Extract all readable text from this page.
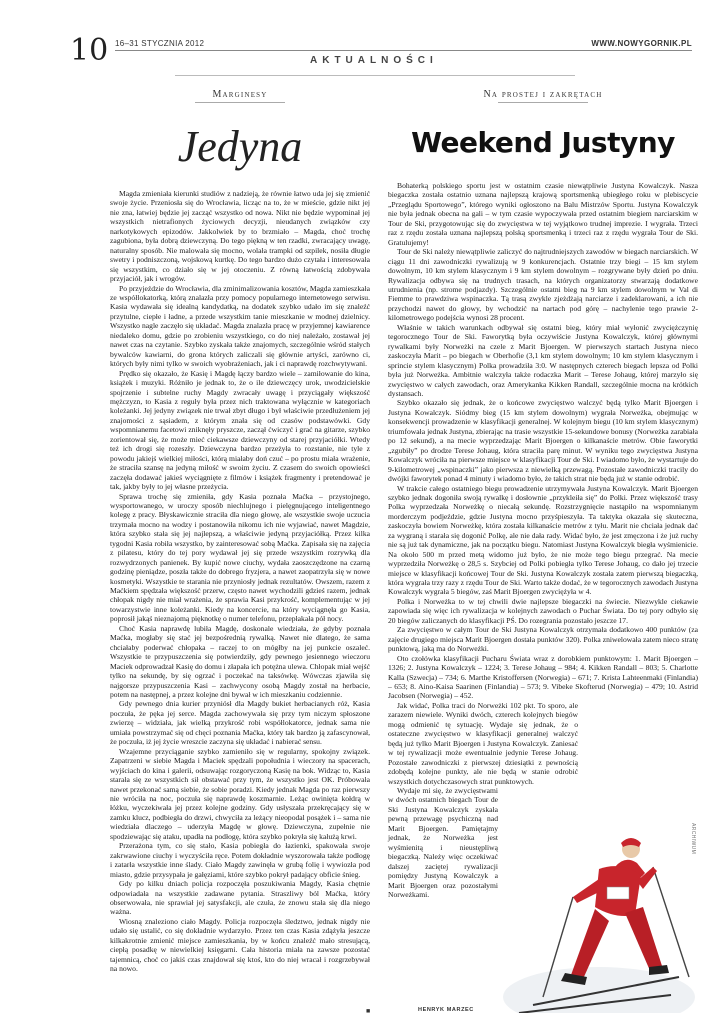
10 16–31 STYCZNIA 2012	WWW.NOWYGORNIK.PL
AKTUALNOŚCI
Marginesy
Jedyna

Magda zmieniała kierunki studiów z nadzieją, że równie łatwo uda jej się zmienić swoje życie. Przeniosła się do Wrocławia, licząc na to, że w mieście, gdzie nikt jej nie zna, łatwiej będzie jej zacząć wszystko od nowa. Nikt nie będzie wypominał jej wszystkich nietrafionych życiowych decyzji, nieudanych związków czy narkotykowych epizodów. Jakkolwiek by to brzmiało – Magda, choć trochę zagubiona, była dobrą dziewczyną. Do tego piękną w ten rzadki, zwracający uwagę, naturalny sposób. Nie malowała się mocno, wolała trampki od szpilek, nosiła długie swetry i podniszczoną, wojskową kurtkę. Do tego bardzo dużo czytała i interesowała się wszystkim, co działo się w jej otoczeniu. Z równą łatwością zdobywała przyjaciół, jak i wrogów.

Po przyjeździe do Wrocławia, dla zminimalizowania kosztów, Magda zamieszkała ze współlokatorką, którą znalazła przy pomocy popularnego internetowego serwisu. Kasia wydawała się idealną kandydatką, na dodatek szybko udało im się znaleźć przytulne, ciepłe i ładne, a przede wszystkim tanie mieszkanie w modnej dzielnicy. Wszystko nagle zaczęło się układać. Magda znalazła pracę w przyjemnej kawiarence niedaleko domu, gdzie po zrobieniu wszystkiego, co do niej należało, zostawał jej nawet czas na czytanie. Szybko zyskała także znajomych, szczególnie wśród stałych bywalców kawiarni, do grona których zaliczali się głównie artyści, zarówno ci, których były nimi tylko w swoich wyobrażeniach, jak i ci naprawdę rozchwytywani.

Prędko się okazało, że Kasię i Magdę łączy bardzo wiele – zamiłowanie do kina, książek i muzyki. Różniło je jednak to, że o ile dziewczęcy urok, uwodzicielskie spojrzenie i subtelne ruchy Magdy zwracały uwagę i przyciągały większość mężczyzn, to Kasia z reguły była przez nich traktowana wyłącznie w kategoriach koleżanki. Jej jedyny związek nie trwał zbyt długo i był właściwie przedłużeniem jej znajomości z sąsiadem, z którym znała się od czasów podstawówki. Gdy wspomnianemu facetowi zniknęły pryszcze, zaczął ćwiczyć i grać na gitarze, szybko zorientował się, że może mieć ciekawsze dziewczyny od starej przyjaciółki. Wtedy też ich drogi się rozeszły. Dziewczyna bardzo przeżyła to rozstanie, nie tyle z powodu jakiejś wielkiej miłości, którą miałaby doń czuć – po prostu miała wrażenie, że straciła szansę na jedyną miłość w swoim życiu. Z czasem do swoich opowieści zaczęła dodawać jakieś wyciągnięte z filmów i książek fragmenty i pretendować je tak, jakby były to jej własne przeżycia.

Sprawa trochę się zmieniła, gdy Kasia poznała Maćka – przystojnego, wysportowanego, w uroczy sposób niechlujnego i pielęgnującego inteligentnego kolegę z pracy. Błyskawicznie straciła dla niego głowę, ale wszystkie swoje uczucia trzymała mocno na wodzy i postanowiła nikomu ich nie wyjawiać, nawet Magdzie, która szybko stała się jej najlepszą, a właściwie jedyną przyjaciółką. Przez kilka tygodni Kasia robiła wszystko, by zainteresować sobą Maćka. Zapisała się na zajęcia z pilatesu, który do tej pory wydawał jej się przede wszystkim rozrywką dla rozwydrzonych panienek. By kupić nowe ciuchy, wydała zaoszczędzone na czarną godzinę pieniądze, poszła także do dobrego fryzjera, a nawet zaopatrzyła się w nowe kosmetyki. Wszystkie te starania nie przyniosły jednak rezultatów. Owszem, razem z Maćkiem spędzała większość przerw, często nawet wychodzili gdzieś razem, jednak chłopak nigdy nie miał wrażenia, że sprawia Kasi przykrość, komplementując w jej towarzystwie inne koleżanki. Kiedy na koncercie, na który wyciągnęła go Kasia, poprosił jakąś nieznajomą pięknotkę o numer telefonu, przepłakała pół nocy.

Choć Kasia naprawdę lubiła Magdę, doskonale wiedziała, że gdyby poznała Maćka, mogłaby się stać jej bezpośrednią rywalką. Nawet nie dlatego, że sama chciałaby poderwać chłopaka – raczej to on mógłby na jej punkcie oszaleć. Wszystkie te przypuszczenia się potwierdziły, gdy pewnego jesiennego wieczoru Maciek odprowadzał Kasię do domu i złapała ich potężna ulewa. Chłopak miał wejść tylko na sekundę, by się ogrzać i poczekać na taksówkę. Wówczas zjawiła się najgorsze przypuszczenia Kasi – zachwycony osobą Magdy został na herbacie, potem na następnej, a przez kolejne dni bywał w ich mieszkaniu codziennie.

Gdy pewnego dnia kurier przyniósł dla Magdy bukiet herbacianych róż, Kasia poczuła, że pęka jej serce. Magda zachowywała się przy tym niczym spłoszone zwierzę – widziała, jak wielką przykrość robi współlokatorce, jednak sama nie umiała powstrzymać się od chęci poznania Maćka, który tak bardzo ją zafascynował, że poczuła, iż jej życie wreszcie zaczyna się układać i nabierać sensu.

Wzajemne przyciąganie szybko zamieniło się w regularny, spokojny związek. Zapatrzeni w siebie Magda i Maciek spędzali popołudnia i wieczory na spacerach, wyjściach do kina i galerii, odsuwając rozgoryczoną Kasię na bok. Widząc to, Kasia starała się ze wszystkich sił obstawać przy tym, że wszystko jest OK. Próbowała nawet przekonać samą siebie, że sobie poradzi. Kiedy jednak Magda po raz pierwszy nie wróciła na noc, poczuła się naprawdę koszmarnie. Leżąc owinięta kołdrą w łóżku, wyczekiwała jej przez kolejne godziny. Gdy usłyszała przekręcający się w zamku klucz, podbiegła do drzwi, chwyciła za leżący nieopodal posążek i – sama nie wiedziała dlaczego – uderzyła Magdę w głowę. Dziewczyna, zupełnie nie spodziewając się ataku, upadła na podłogę, która szybko pokryła się kałużą krwi.

Przerażona tym, co się stało, Kasia pobiegła do łazienki, spakowała swoje zakrwawione ciuchy i wyczyściła ręce. Potem dokładnie wyszorowała także podłogę i zatarła wszystkie inne ślady. Ciało Magdy zawinęła w grubą folię i wywiozła pod miasto, gdzie przysypała je gałęziami, które szybko pokrył padający obficie śnieg.

Gdy po kilku dniach policja rozpoczęła poszukiwania Magdy, Kasia chętnie odpowiadała na wszystkie zadawane pytania. Straszliwy ból Maćka, który obserwowała, nie sprawiał jej satysfakcji, ale czuła, że znowu stała się dla niego ważna.

Wiosną znaleziono ciało Magdy. Policja rozpoczęła śledztwo, jednak nigdy nie udało się ustalić, co się dokładnie wydarzyło. Przez ten czas Kasia zdążyła jeszcze kilkakrotnie zmienić miejsce zamieszkania, by w końcu znaleźć mało stresującą, ciepłą posadkę w niewielkiej księgarni. Cała historia miała na zawsze pozostać tajemnicą, choć co jakiś czas znajdował się ktoś, kto do niej wracał i rozgrzebywał na nowo.

■
Na prostej i zakrętach
Weekend Justyny

Bohaterką polskiego sportu jest w ostatnim czasie niewątpliwie Justyna Kowalczyk. Nasza biegaczka została ostatnio uznana najlepszą krajową sportsmenką ubiegłego roku w plebiscycie „Przeglądu Sportowego”, którego wyniki ogłoszono na Balu Mistrzów Sportu. Justyna Kowalczyk nie była jednak obecna na gali – w tym czasie wypoczywała przed ostatnim biegiem narciarskim w Tour de Ski, przygotowując się do zwycięstwa w tej wyjątkowo trudnej imprezie. I wygrała. Trzeci raz z rzędu została uznana najlepszą polską sportsmenką i trzeci raz z rzędu wygrała Tour de Ski. Gratulujemy!

Tour de Ski należy niewątpliwie zaliczyć do najtrudniejszych zawodów w biegach narciarskich. W ciągu 11 dni zawodniczki rywalizują w 9 konkurencjach. Ostatnie trzy biegi – 15 km stylem dowolnym, 10 km stylem klasycznym i 9 km stylem dowolnym – rozgrywane były dzień po dniu. Rywalizacja odbywa się na trudnych trasach, na których organizatorzy stwarzają dodatkowe utrudnienia (np. strome podjazdy). Szczególnie ostatni bieg na 9 km stylem dowolnym w Val di Fiemme to prawdziwa wspinaczka. Tą trasą zwykle zjeżdżają narciarze i zadeklarowani, a ich nie przychodzi nawet do głowy, by wchodzić na nartach pod górę – nachylenie tego prawie 2-kilometrowego podejścia wynosi 28 procent.

Właśnie w takich warunkach odbywał się ostatni bieg, który miał wyłonić zwyciężczynię tegorocznego Tour de Ski. Faworytką była oczywiście Justyna Kowalczyk, której głównymi rywalkami były Norweżki na czele z Marit Bjoergen. W pierwszych startach Justyna nieco zaskoczyła Marit – po biegach w Oberhofie (3,1 km stylem dowolnym; 10 km stylem klasycznym i sprincie stylem klasycznym) Polka prowadziła 3:0. W następnych czterech biegach lepsza od Polki była już Norweżka. Ambitnie walczyła także rodaczka Marit – Terese Johaug, której marzyło się zwycięstwo w całych zawodach, oraz Amerykanka Kikken Randall, szczególnie mocna na krótkich dystansach.

Szybko okazało się jednak, że o końcowe zwycięstwo walczyć będą tylko Marit Bjoergen i Justyna Kowalczyk. Siódmy bieg (15 km stylem dowolnym) wygrała Norweżka, obejmując w konsekwencji prowadzenie w klasyfikacji generalnej. W kolejnym biegu (10 km stylem klasycznym) triumfowała jednak Justyna, zbierając na trasie wszystkie 15-sekundowe bonusy (Norweżka zarabiała po 12 sekund), a na mecie wyprzedzając Marit Bjoergen o kilkanaście metrów. Obie faworytki „zgubiły” po drodze Terese Johaug, która straciła parę minut. W wyniku tego zwycięstwa Justyna Kowalczyk wróciła na pierwsze miejsce w klasyfikacji Tour de Ski. I wiadomo było, że wystartuje do 9-kilometrowej „wspinaczki” jako pierwsza z niewielką przewagą. Pozostałe zawodniczki tracily do dwójki faworytek ponad 4 minuty i wiadomo było, że takich strat nie będą już w stanie odrobić.

W trakcie całego ostatniego biegu prowadzenie utrzymywała Justyna Kowalczyk. Marit Bjoergen szybko jednak dogoniła swoją rywalkę i dosłownie „przykleiła się” do Polki. Przez większość trasy Polka wyprzedzała Norweżkę o niecałą sekundę. Rozstrzygnięcie nastąpiło na wspomnianym morderczym podjeździe, gdzie Justyna mocno przyśpieszyła. Ta taktyka okazała się skuteczna, zaskoczyła bowiem Norweżkę, która została kilkanaście metrów z tyłu. Marit nie chciała jednak dać za wygraną i starała się dogonić Polkę, ale nie dała rady. Widać było, że jest zmęczona i że już ruchy nie są już tak dynamiczne, jak na początku biegu. Natomiast Justyna Kowalczyk biegła wyśmienicie. Na około 500 m przed metą widomo już było, że nie może tego biegu przegrać. Na mecie wyprzedziła Norweżkę o 28,5 s. Szybciej od Polki pobiegła tylko Terese Johaug, co dało jej trzecie miejsce w klasyfikacji końcowej Tour de Ski. Justyna Kowalczyk została zatem pierwszą biegaczką, która wygrała trzy razy z rzędu Tour de Ski. Warto także dodać, że w tegorocznych zawodach Justyna Kowalczyk wygrała 5 biegów, zaś Marit Bjoergen zwyciężyła w 4.

Polka i Norweżka to w tej chwili dwie najlepsze biegaczki na świecie. Niezwykle ciekawie zapowiada się więc ich rywalizacja w kolejnych zawodach o Puchar Świata. Do tej pory odbyło się 20 biegów zaliczanych do klasyfikacji PŚ. Do rozegrania pozostało jeszcze 17.

Za zwycięstwo w całym Tour de Ski Justyna Kowalczyk otrzymała dodatkowo 400 punktów (za zajęcie drugiego miejsca Marit Bjoergen dostała punktów 320). Polka zniwelowała zatem nieco stratę punktową, jaką ma do Norweżki.

Oto czołówka klasyfikacji Pucharu Świata wraz z dorobkiem punktowym: 1. Marit Bjoergen – 1326; 2. Justyna Kowalczyk – 1224; 3. Terese Johaug – 984; 4. Kikken Randall – 803; 5. Charlotte Kalla (Szwecja) – 734; 6. Marthe Kristoffersen (Norwegia) – 671; 7. Krista Lahteenmaki (Finlandia) – 653; 8. Aino-Kaisa Saarinen (Finlandia) – 573; 9. Vibeke Skofterud (Norwegia) – 479; 10. Astrid Jacobsen (Norwegia) – 452.

Jak widać, Polka traci do Norweżki 102 pkt. To sporo, ale zarazem niewiele. Wyniki dwóch, czterech kolejnych biegów mogą odmienić tę sytuację. Wydaje się jednak, że o ostateczne zwycięstwo w klasyfikacji generalnej walczyć będą już tylko Marit Bjoergen i Justyna Kowalczyk. Zaniesać w tej rywalizacji może ewentualnie jedynie Terese Johaug. Pozostałe zawodniczki z pierwszej dziesiątki z pewnością zdobędą kolejne punkty, ale nie będą w stanie odrobić wszystkich dotychczasowych strat punktowych.

Wydaje mi się, że zwycięstwami w dwóch ostatnich biegach Tour de Ski Justyna Kowalczyk zyskała pewną przewagę psychiczną nad Marit Bjoergen. Pamiętajmy jednak, że Norweżka jest wyśmienitą i nieustępliwą biegaczką. Należy więc oczekiwać dalszej zaciętej rywalizacji pomiędzy Justyną Kowalczyk a Marit Bjoergen oraz pozostałymi Norweżkami.

ARCHIWUM
HENRYK MARZEC
